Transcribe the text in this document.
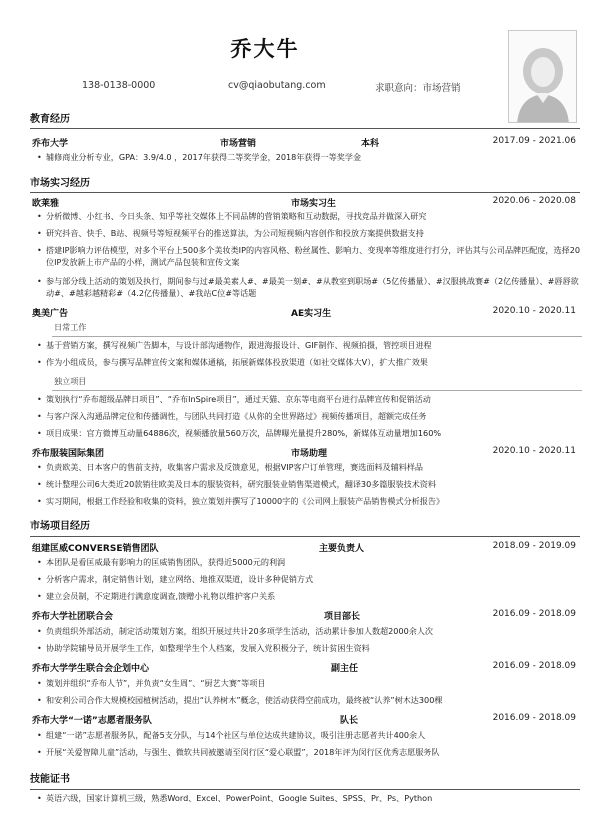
乔大牛
138-0138-0000	cv@qiaobutang.com	求职意向：市场营销
1 寸 职 业 照
教育经历
乔布大学	市场营销	本科	2017.09 - 2021.06
• 辅修商业分析专业，GPA：3.9/4.0 ，2017年获得二等奖学金，2018年获得一等奖学金
市场实习经历
欧莱雅	市场实习生	2020.06 - 2020.08
• 分析微博、小红书、今日头条、知乎等社交媒体上不同品牌的营销策略和互动数据，寻找竞品并做深入研究
• 研究抖音、快手、B站、视频号等短视频平台的推送算法，为公司短视频内容创作和投放方案提供数据支持
• 搭建IP影响力评估模型，对多个平台上500多个美妆类IP的内容风格、粉丝属性、影响力、变现率等维度进行打分，评估其与公司品牌匹配度，选择20位IP发放新上市产品的小样，测试产品包装和宣传文案
• 参与部分线上活动的策划及执行，期间参与过#最美素人#、#最美一刻#、#从教室到职场#（5亿传播量）、#汉服挑战赛#（2亿传播量）、#唇唇欲动#、#越彩越精彩#（4.2亿传播量）、#我站C位#等话题
奥美广告	AE实习生	2020.10 - 2020.11
日常工作
• 基于营销方案，撰写视频广告脚本，与设计部沟通物作，跟进海报设计、GIF制作、视频拍摄，管控项目进程
• 作为小组成员，参与撰写品牌宣传文案和媒体通稿，拓展新媒体投放渠道（如社交媒体大V），扩大推广效果
独立项目
• 策划执行“乔布超级品牌日项目”、“乔布InSpire项目”，通过天猫、京东等电商平台进行品牌宣传和促销活动
• 与客户深入沟通品牌定位和传播调性，与团队共同打造《从你的全世界路过》视频传播项目，超额完成任务
• 项目成果：官方微博互动量64886次，视频播放量560万次，品牌曝光量提升280%，新媒体互动量增加160%
乔布服装国际集团	市场助理	2020.10 - 2020.11
• 负责欧美、日本客户的售前支持，收集客户需求及反馈意见，根据VIP客户订单管理，赛选面料及辅料样品
• 统计整理公司6大类近20款销往欧美及日本的服装资料，研究服装业销售渠道模式，翻译30多篇服装技术资料
• 实习期间，根据工作经验和收集的资料，独立策划并撰写了10000字的《公司网上服装产品销售模式分析报告》
市场项目经历
组建匡威CONVERSE销售团队	主要负责人	2018.09 - 2019.09
• 本团队是看匡威最有影响力的匡威销售团队，获得近5000元的利润
• 分析客户需求，制定销售计划，建立网络、地推双渠道，设计多种促销方式
• 建立会员制，不定期进行满意度调查,馈赠小礼物以维护客户关系
乔布大学社团联合会	项目部长	2016.09 - 2018.09
• 负责组织外部活动，制定活动策划方案，组织开展过共计20多项学生活动，活动累计参加人数超2000余人次
• 协助学院辅导员开展学生工作，如整理学生个人档案，发展入党积极分子，统计贫困生资料
乔布大学学生联合会企划中心	副主任	2016.09 - 2018.09
• 策划并组织“乔布人节”，并负责“女生周”、“厨艺大赛”等项目
• 和安利公司合作大规模校园植树活动，提出“认养树木”概念，使活动获得空前成功，最终被“认养”树木达300棵
乔布大学“一诺”志愿者服务队	队长	2016.09 - 2018.09
• 组建“一诺”志愿者服务队，配备5支分队，与14个社区与单位达成共建协议，吸引注册志愿者共计400余人
• 开展“关爱智障儿童”活动，与强生、微软共同被邀请至闵行区“爱心联盟”，2018年评为闵行区优秀志愿服务队
技能证书
• 英语六级，国家计算机三级，熟悉Word、Excel、PowerPoint、Google Suites、SPSS、Pr、Ps、Python
